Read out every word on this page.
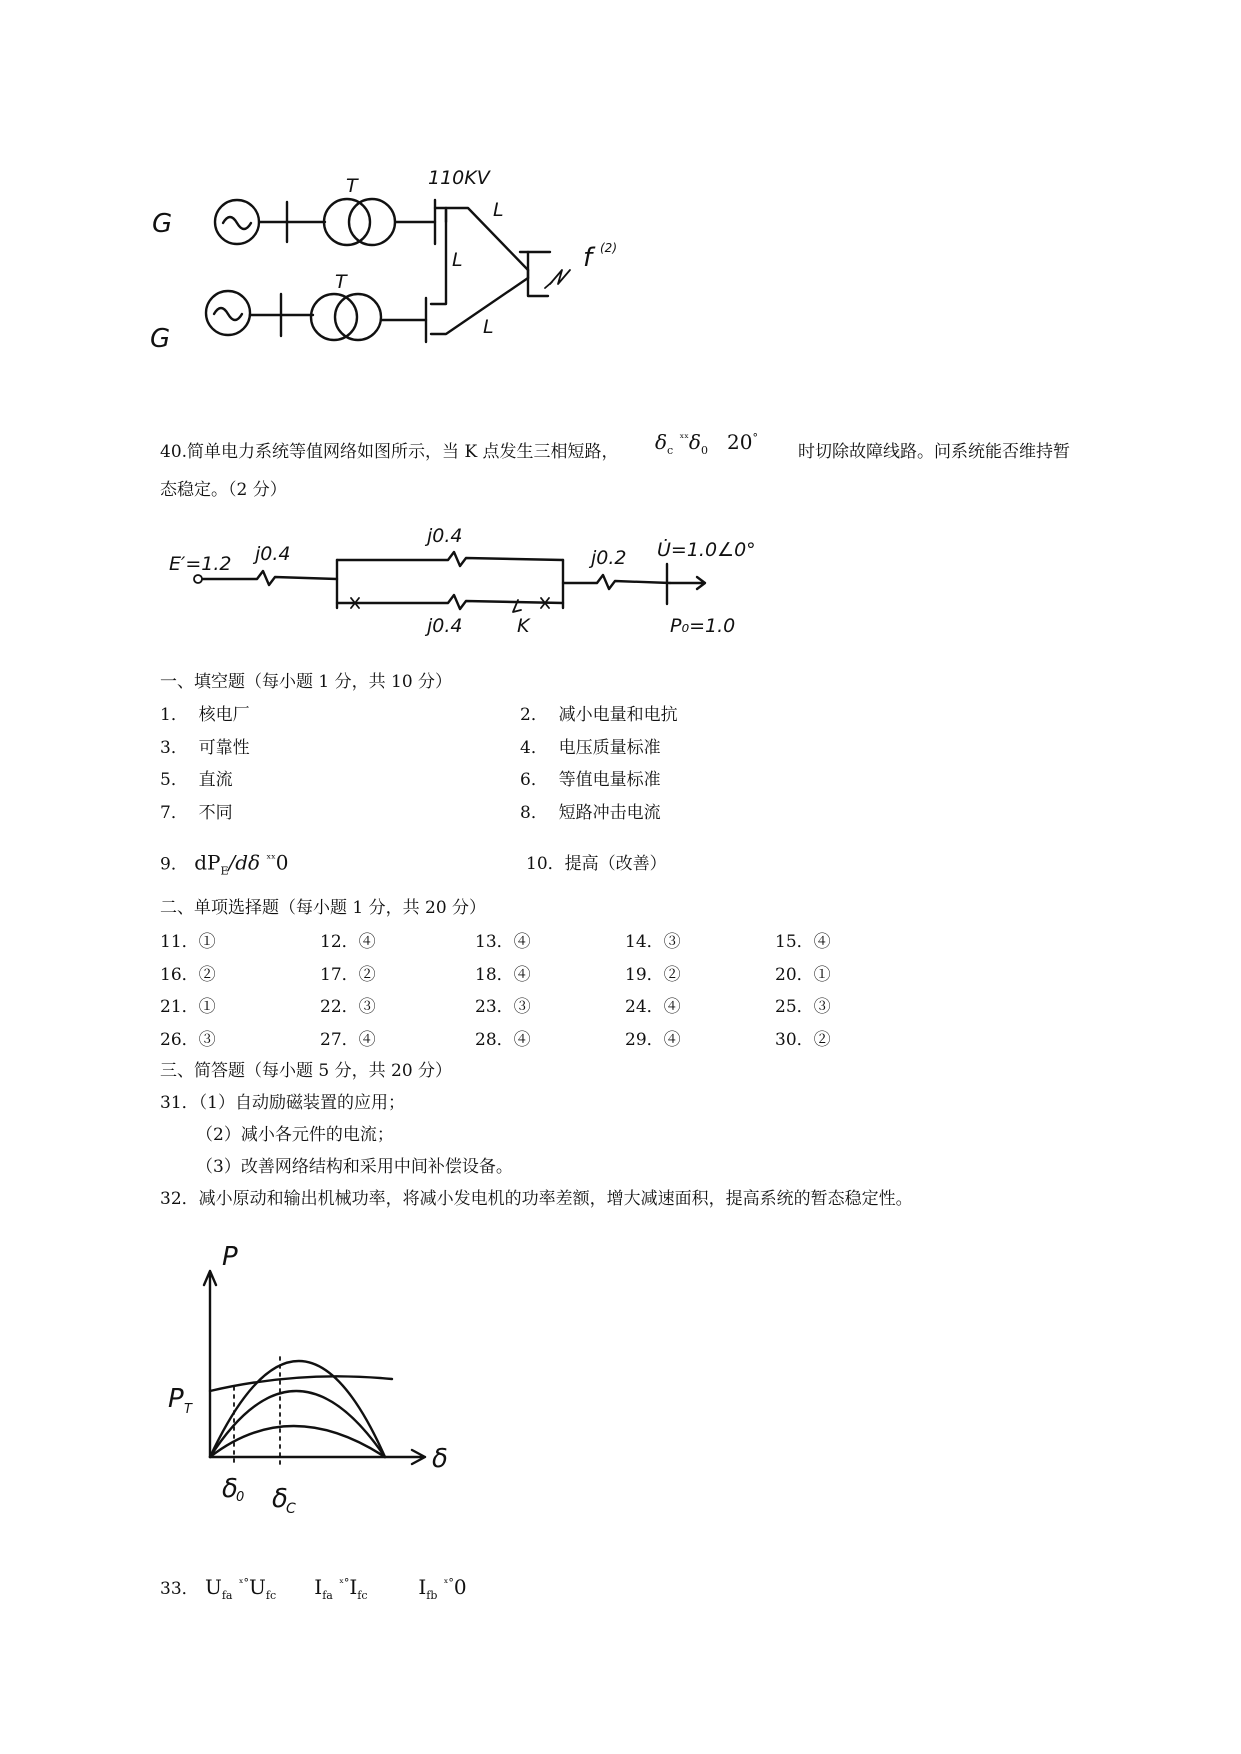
G
T	110KV
G
T
L
L
L
f (2)
40.简单电力系统等值网络如图所示，当 K 点发生三相短路， $\delta_c$ $^{ˣˣ}\delta_0$ 20°
时切除故障线路。问系统能否维持暂
态稳定。（2 分）
E′=1.2 j0.4
j0.4
K
j0.4
j0.2 U̇=1.0∠0°
P₀=1.0
一、填空题（每小题 1 分，共 10 分）
1． 核电厂	2． 减小电量和电抗
3． 可靠性	4． 电压质量标准
5． 直流	6． 等值电量标准
7． 不同	8． 短路冲击电流
9． $dP_E/d\delta$ $^{ˣˣ}$0	10．提高（改善）
二、单项选择题（每小题 1 分，共 20 分）
11．①	12．④	13．④	14．③	15．④
16．②	17．②	18．④	19．②	20．①
21．①	22．③	23．③	24．④	25．③
26．③	27．④	28．④	29．④	30．②
三、简答题（每小题 5 分，共 20 分）
31．（1）自动励磁装置的应用；
（2）减小各元件的电流；
（3）改善网络结构和采用中间补偿设备。
32．减小原动和输出机械功率，将减小发电机的功率差额，增大减速面积，提高系统的暂态稳定性。
P
δ
P T
δ
0 δ
C
33． $U_{fa}$ $^{ˣ^\circ}U_{fc}$ $I_{fa}$ $^{ˣ^\circ}I_{fc}$	$I_{fb}$ $^{ˣ^\circ}$0
